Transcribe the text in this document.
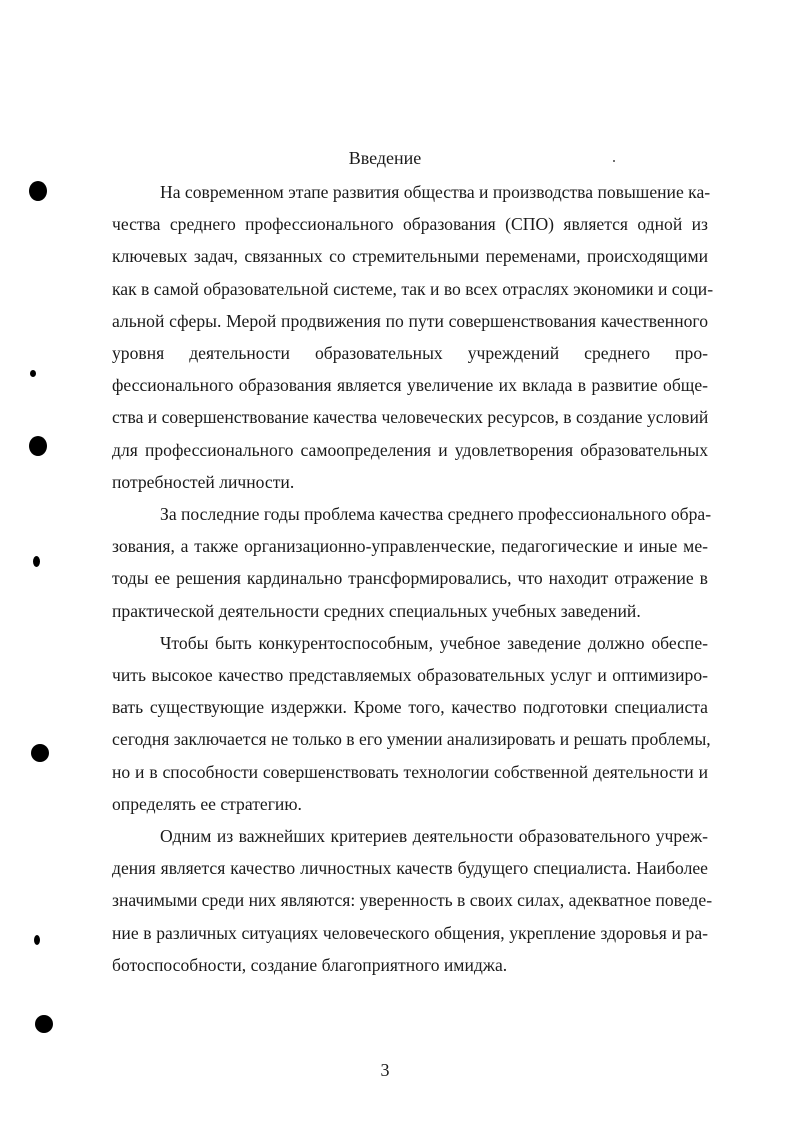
Введение
На современном этапе развития общества и производства повышение ка-
чества среднего профессионального образования (СПО) является одной из
ключевых задач, связанных со стремительными переменами, происходящими
как в самой образовательной системе, так и во всех отраслях экономики и соци-
альной сферы. Мерой продвижения по пути совершенствования качественного
уровня деятельности образовательных учреждений среднего про-
фессионального образования является увеличение их вклада в развитие обще-
ства и совершенствование качества человеческих ресурсов, в создание условий
для профессионального самоопределения и удовлетворения образовательных
потребностей личности.
За последние годы проблема качества среднего профессионального обра-
зования, а также организационно-управленческие, педагогические и иные ме-
тоды ее решения кардинально трансформировались, что находит отражение в
практической деятельности средних специальных учебных заведений.
Чтобы быть конкурентоспособным, учебное заведение должно обеспе-
чить высокое качество представляемых образовательных услуг и оптимизиро-
вать существующие издержки. Кроме того, качество подготовки специалиста
сегодня заключается не только в его умении анализировать и решать проблемы,
но и в способности совершенствовать технологии собственной деятельности и
определять ее стратегию.
Одним из важнейших критериев деятельности образовательного учреж-
дения является качество личностных качеств будущего специалиста. Наиболее
значимыми среди них являются: уверенность в своих силах, адекватное поведе-
ние в различных ситуациях человеческого общения, укрепление здоровья и ра-
ботоспособности, создание благоприятного имиджа.
3
